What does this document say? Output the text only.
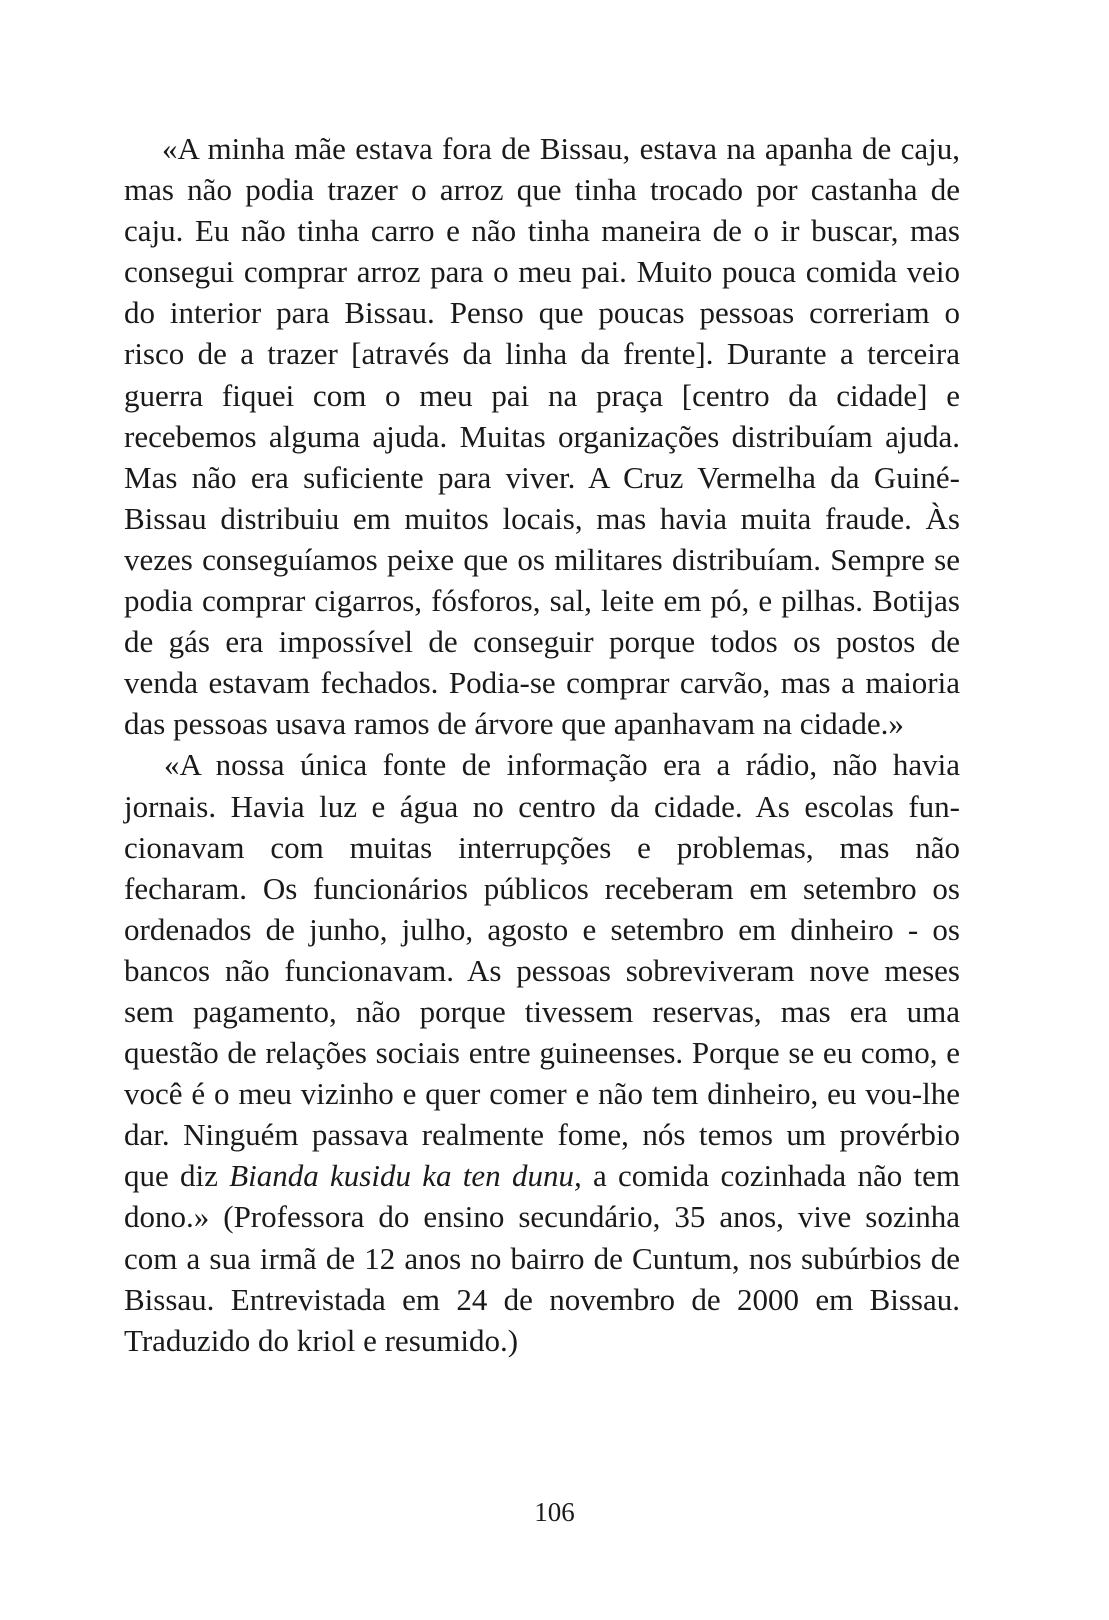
«A minha mãe estava fora de Bissau, estava na apanha de caju, mas não podia trazer o arroz que tinha trocado por castanha de caju. Eu não tinha carro e não tinha maneira de o ir buscar, mas consegui comprar arroz para o meu pai. Muito pouca comida veio do interior para Bissau. Penso que poucas pessoas correriam o risco de a trazer [através da linha da frente]. Durante a terceira guerra fiquei com o meu pai na praça [centro da cidade] e recebemos alguma ajuda. Muitas organizações distribuíam ajuda. Mas não era suficiente para viver. A Cruz Vermelha da Guiné-Bissau distribuiu em muitos locais, mas havia muita fraude. Às vezes conseguíamos peixe que os militares distribuíam. Sempre se podia comprar cigarros, fósforos, sal, leite em pó, e pilhas. Botijas de gás era impossível de conseguir porque todos os postos de venda estavam fechados. Podia-se comprar carvão, mas a maioria das pessoas usava ramos de árvore que apanhavam na cidade.»

«A nossa única fonte de informação era a rádio, não havia jornais. Havia luz e água no centro da cidade. As escolas funcionavam com muitas interrupções e problemas, mas não fecharam. Os funcionários públicos receberam em setembro os ordenados de junho, julho, agosto e setembro em dinheiro - os bancos não funcionavam. As pessoas sobreviveram nove meses sem pagamento, não porque tivessem reservas, mas era uma questão de relações sociais entre guineenses. Porque se eu como, e você é o meu vizinho e quer comer e não tem dinheiro, eu vou-lhe dar. Ninguém passava realmente fome, nós temos um provérbio que diz Bianda kusidu ka ten dunu, a comida cozinhada não tem dono.» (Professora do ensino secundário, 35 anos, vive sozinha com a sua irmã de 12 anos no bairro de Cuntum, nos subúrbios de Bissau. Entrevistada em 24 de novembro de 2000 em Bissau. Traduzido do kriol e resumido.)

106
